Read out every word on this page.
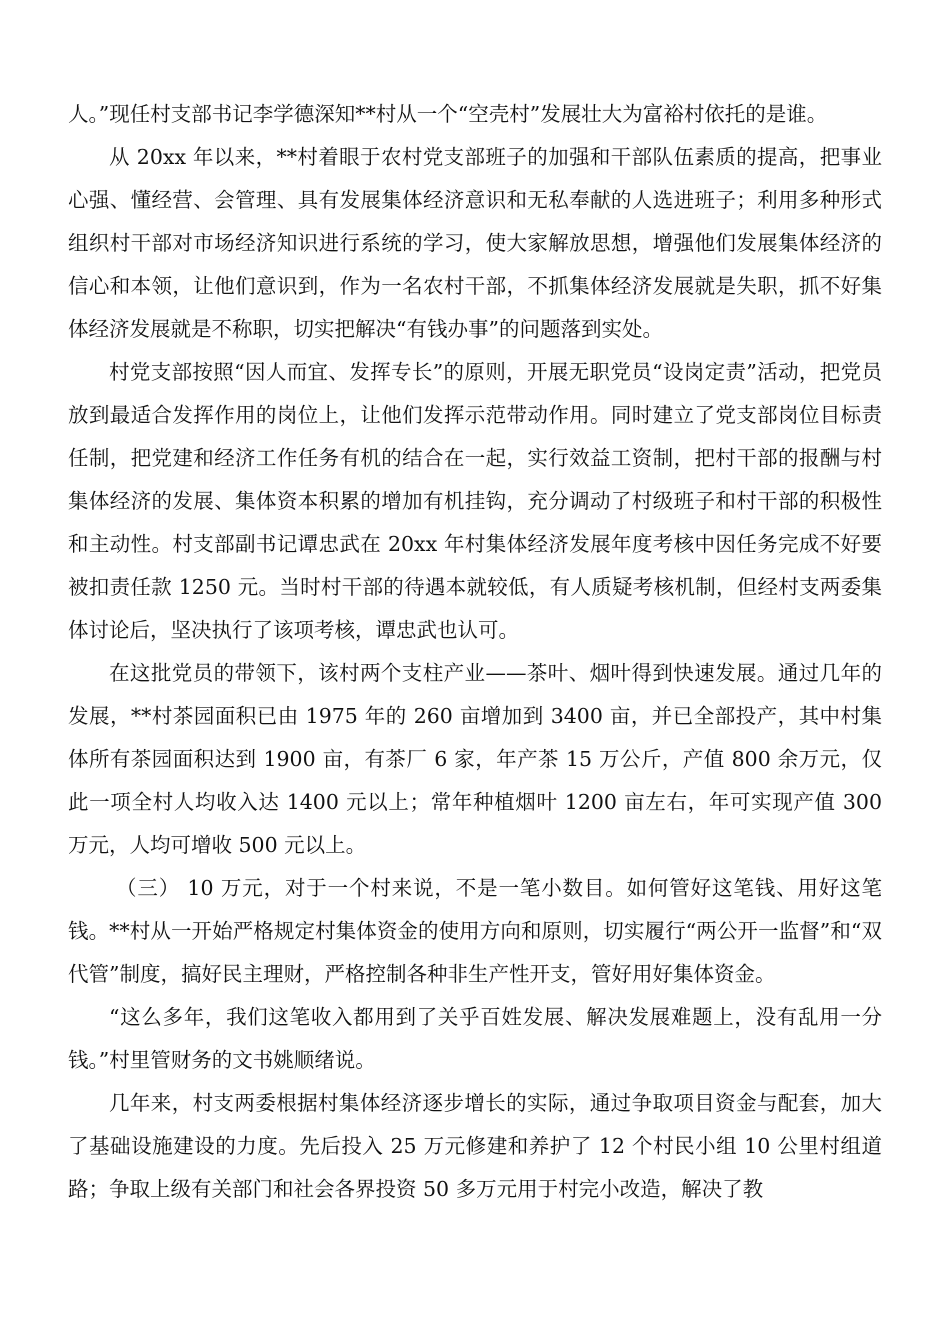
人。”现任村支部书记李学德深知**村从一个“空壳村”发展壮大为富裕村依托的是谁。

从 20xx 年以来，**村着眼于农村党支部班子的加强和干部队伍素质的提高，把事业心强、懂经营、会管理、具有发展集体经济意识和无私奉献的人选进班子；利用多种形式组织村干部对市场经济知识进行系统的学习，使大家解放思想，增强他们发展集体经济的信心和本领，让他们意识到，作为一名农村干部，不抓集体经济发展就是失职，抓不好集体经济发展就是不称职，切实把解决“有钱办事”的问题落到实处。

村党支部按照“因人而宜、发挥专长”的原则，开展无职党员“设岗定责”活动，把党员放到最适合发挥作用的岗位上，让他们发挥示范带动作用。同时建立了党支部岗位目标责任制，把党建和经济工作任务有机的结合在一起，实行效益工资制，把村干部的报酬与村集体经济的发展、集体资本积累的增加有机挂钩，充分调动了村级班子和村干部的积极性和主动性。村支部副书记谭忠武在 20xx 年村集体经济发展年度考核中因任务完成不好要被扣责任款 1250 元。当时村干部的待遇本就较低，有人质疑考核机制，但经村支两委集体讨论后，坚决执行了该项考核，谭忠武也认可。

在这批党员的带领下，该村两个支柱产业——茶叶、烟叶得到快速发展。通过几年的发展，**村茶园面积已由 1975 年的 260 亩增加到 3400 亩，并已全部投产，其中村集体所有茶园面积达到 1900 亩，有茶厂 6 家，年产茶 15 万公斤，产值 800 余万元，仅此一项全村人均收入达 1400 元以上；常年种植烟叶 1200 亩左右，年可实现产值 300 万元，人均可增收 500 元以上。

（三） 10 万元，对于一个村来说，不是一笔小数目。如何管好这笔钱、用好这笔钱。**村从一开始严格规定村集体资金的使用方向和原则，切实履行“两公开一监督”和“双代管”制度，搞好民主理财，严格控制各种非生产性开支，管好用好集体资金。

“这么多年，我们这笔收入都用到了关乎百姓发展、解决发展难题上，没有乱用一分钱。”村里管财务的文书姚顺绪说。

几年来，村支两委根据村集体经济逐步增长的实际，通过争取项目资金与配套，加大了基础设施建设的力度。先后投入 25 万元修建和养护了 12 个村民小组 10 公里村组道路；争取上级有关部门和社会各界投资 50 多万元用于村完小改造，解决了教
